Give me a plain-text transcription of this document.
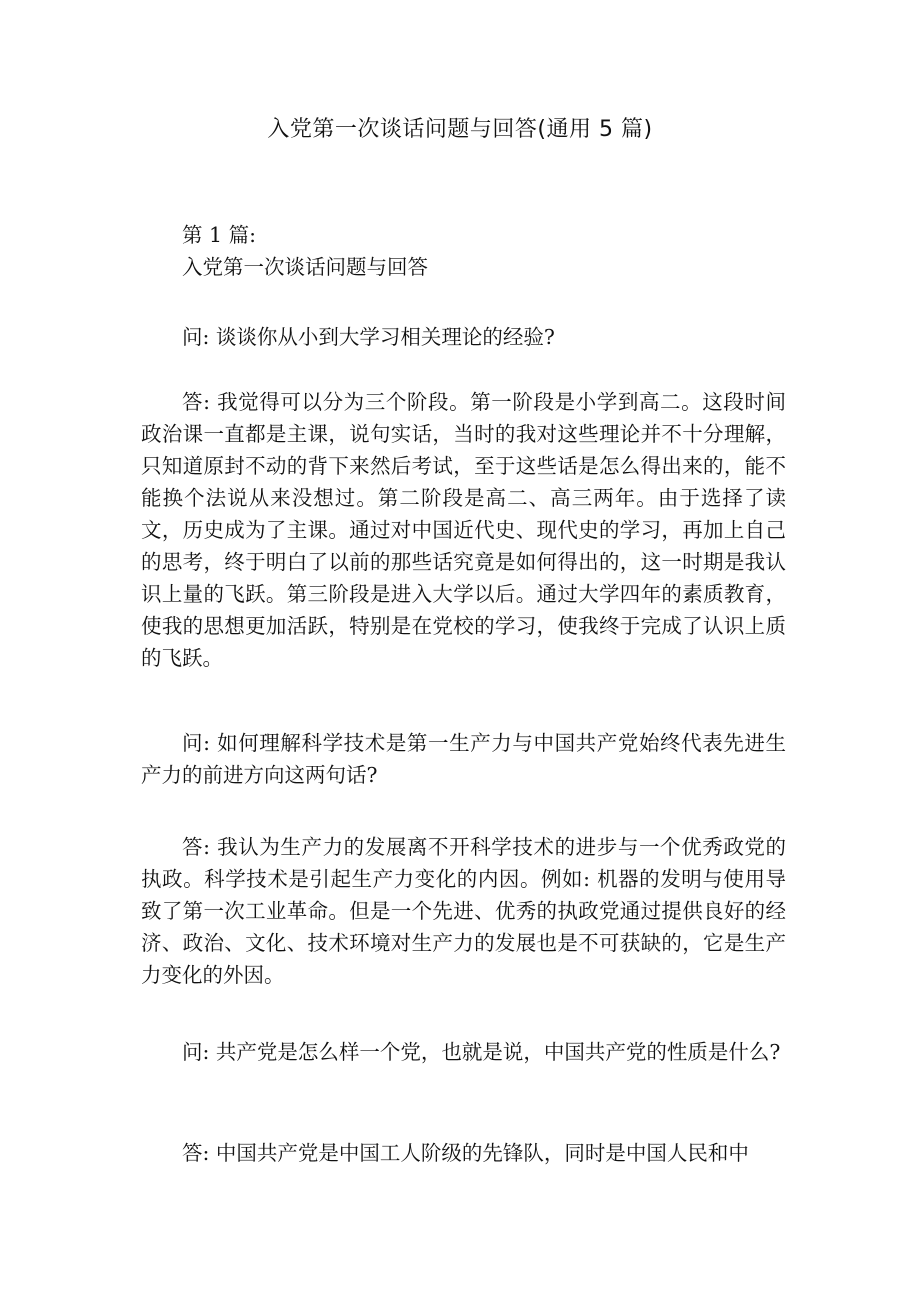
入党第一次谈话问题与回答(通用 5 篇)
第 1 篇:
入党第一次谈话问题与回答

问: 谈谈你从小到大学习相关理论的经验?

答: 我觉得可以分为三个阶段。第一阶段是小学到高二。这段时间政治课一直都是主课，说句实话，当时的我对这些理论并不十分理解，只知道原封不动的背下来然后考试，至于这些话是怎么得出来的，能不能换个法说从来没想过。第二阶段是高二、高三两年。由于选择了读文，历史成为了主课。通过对中国近代史、现代史的学习，再加上自己的思考，终于明白了以前的那些话究竟是如何得出的，这一时期是我认识上量的飞跃。第三阶段是进入大学以后。通过大学四年的素质教育，使我的思想更加活跃，特别是在党校的学习，使我终于完成了认识上质的飞跃。

问: 如何理解科学技术是第一生产力与中国共产党始终代表先进生产力的前进方向这两句话?

答: 我认为生产力的发展离不开科学技术的进步与一个优秀政党的执政。科学技术是引起生产力变化的内因。例如: 机器的发明与使用导致了第一次工业革命。但是一个先进、优秀的执政党通过提供良好的经济、政治、文化、技术环境对生产力的发展也是不可获缺的，它是生产力变化的外因。

问: 共产党是怎么样一个党，也就是说，中国共产党的性质是什么?

答: 中国共产党是中国工人阶级的先锋队，同时是中国人民和中
